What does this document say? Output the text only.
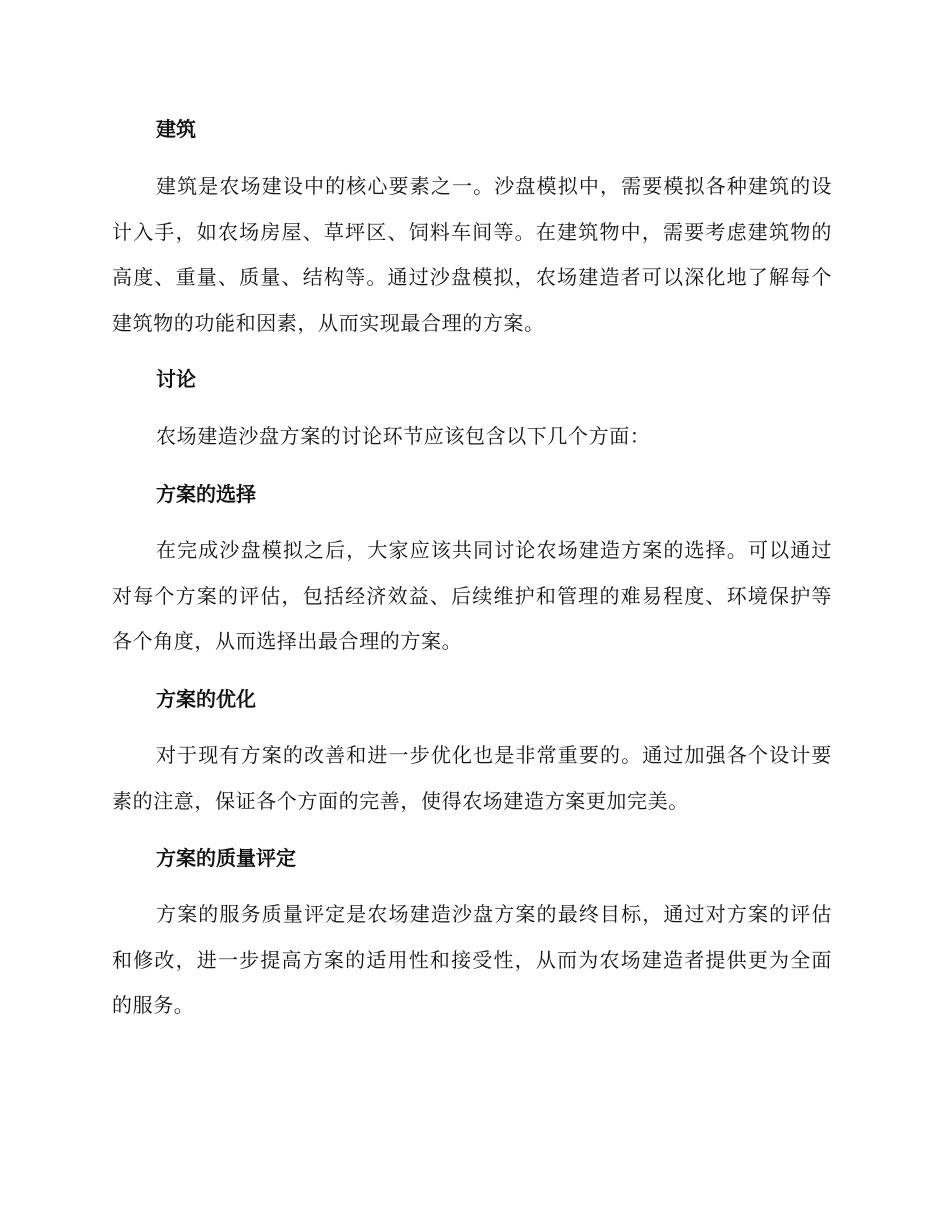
建筑

建筑是农场建设中的核心要素之一。沙盘模拟中，需要模拟各种建筑的设计入手，如农场房屋、草坪区、饲料车间等。在建筑物中，需要考虑建筑物的高度、重量、质量、结构等。通过沙盘模拟，农场建造者可以深化地了解每个建筑物的功能和因素，从而实现最合理的方案。

讨论

农场建造沙盘方案的讨论环节应该包含以下几个方面：

方案的选择

在完成沙盘模拟之后，大家应该共同讨论农场建造方案的选择。可以通过对每个方案的评估，包括经济效益、后续维护和管理的难易程度、环境保护等各个角度，从而选择出最合理的方案。

方案的优化

对于现有方案的改善和进一步优化也是非常重要的。通过加强各个设计要素的注意，保证各个方面的完善，使得农场建造方案更加完美。

方案的质量评定

方案的服务质量评定是农场建造沙盘方案的最终目标，通过对方案的评估和修改，进一步提高方案的适用性和接受性，从而为农场建造者提供更为全面的服务。
